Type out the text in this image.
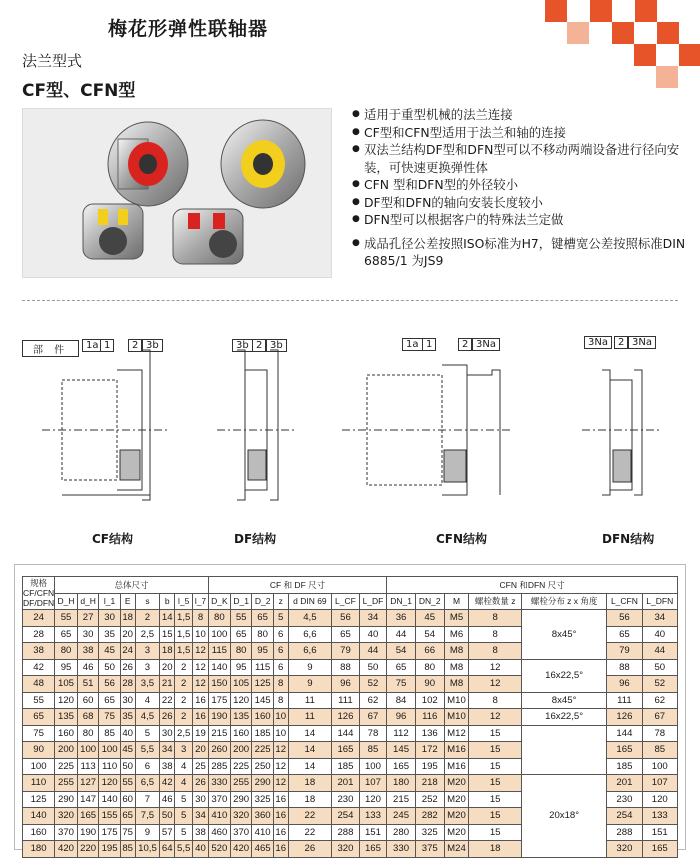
梅花形弹性联轴器
法兰型式
CF型、CFN型
● 适用于重型机械的法兰连接
● CF型和CFN型适用于法兰和轴的连接
● 双法兰结构DF型和DFN型可以不移动两端设备进行径向安装，可快速更换弹性体
● CFN 型和DFN型的外径较小
● DF型和DFN的轴向安装长度较小
● DFN型可以根据客户的特殊法兰定做
● 成品孔径公差按照ISO标准为H7，键槽宽公差按照标准DIN 6885/1 为JS9
部 件	1a 1	2 3b	3b 2 3b	1a 1	2 3Na	3Na	2 3Na
CF结构	DF结构	CFN结构	DFN结构
规格 CF/CFN DF/DFN	总体尺寸								CF 和 DF 尺寸							CFN 和DFN 尺寸						
	D_H	d_H	l_1	E	s	b	l_5	l_7	D_K	D_1	D_2	z	d DIN 69	L_CF	L_DF	DN_1	DN_2	M	螺栓数量 z	螺栓分布 z x 角度	L_CFN	L_DFN
24	55	27	30	18	2	14	1,5	8	80	55	65	5	4,5	56	34	36	45	M5	8	8x45°	56	34
28	65	30	35	20	2,5	15	1,5	10	100	65	80	6	6,6	65	40	44	54	M6	8		65	40
38	80	38	45	24	3	18	1,5	12	115	80	95	6	6,6	79	44	54	66	M8	8		79	44
42	95	46	50	26	3	20	2	12	140	95	115	6	9	88	50	65	80	M8	12	16x22,5°	88	50
48	105	51	56	28	3,5	21	2	12	150	105	125	8	9	96	52	75	90	M8	12		96	52
55	120	60	65	30	4	22	2	16	175	120	145	8	11	111	62	84	102	M10	8	8x45°	111	62
65	135	68	75	35	4,5	26	2	16	190	135	160	10	11	126	67	96	116	M10	12	16x22,5°	126	67
75	160	80	85	40	5	30	2,5	19	215	160	185	10	14	144	78	112	136	M12	15		144	78
90	200	100	100	45	5,5	34	3	20	260	200	225	12	14	165	85	145	172	M16	15		165	85
100	225	113	110	50	6	38	4	25	285	225	250	12	14	185	100	165	195	M16	15		185	100
110	255	127	120	55	6,5	42	4	26	330	255	290	12	18	201	107	180	218	M20	15	20x18°	201	107
125	290	147	140	60	7	46	5	30	370	290	325	16	18	230	120	215	252	M20	15		230	120
140	320	165	155	65	7,5	50	5	34	410	320	360	16	22	254	133	245	282	M20	15		254	133
160	370	190	175	75	9	57	5	38	460	370	410	16	22	288	151	280	325	M20	15		288	151
180	420	220	195	85	10,5	64	5,5	40	520	420	465	16	26	320	165	330	375	M24	18		320	165
